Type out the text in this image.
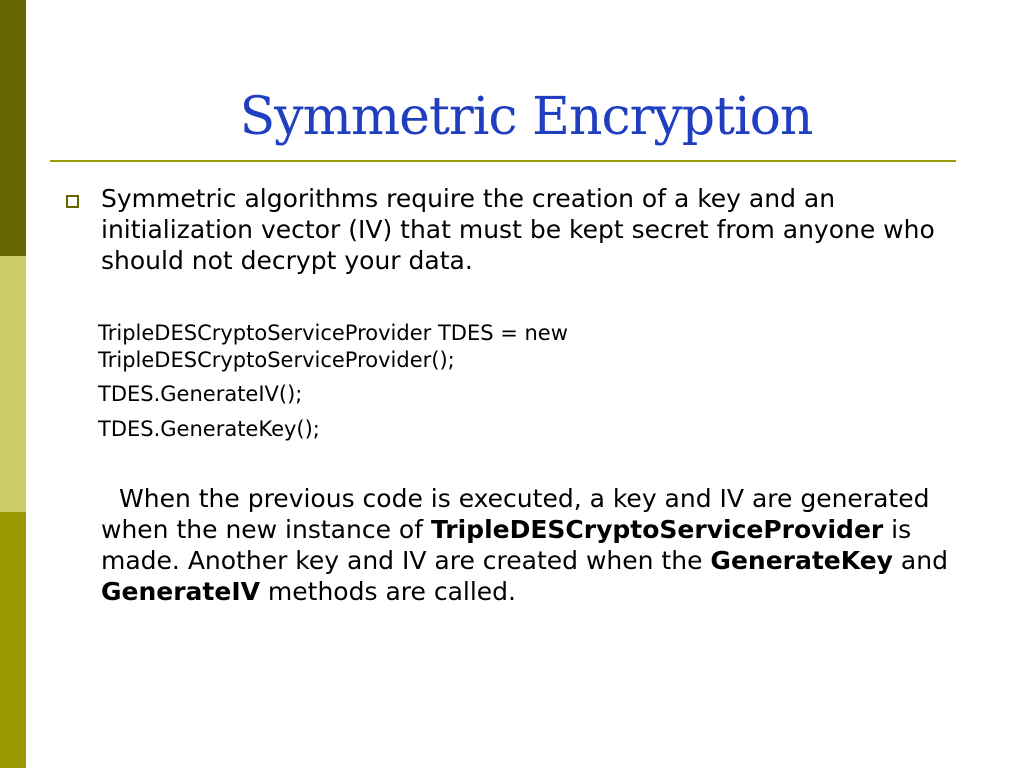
Symmetric Encryption
Symmetric algorithms require the creation of a key and an initialization vector (IV) that must be kept secret from anyone who should not decrypt your data.
TripleDESCryptoServiceProvider TDES = new TripleDESCryptoServiceProvider();
TDES.GenerateIV();
TDES.GenerateKey();
When the previous code is executed, a key and IV are generated when the new instance of TripleDESCryptoServiceProvider is made. Another key and IV are created when the GenerateKey and GenerateIV methods are called.
